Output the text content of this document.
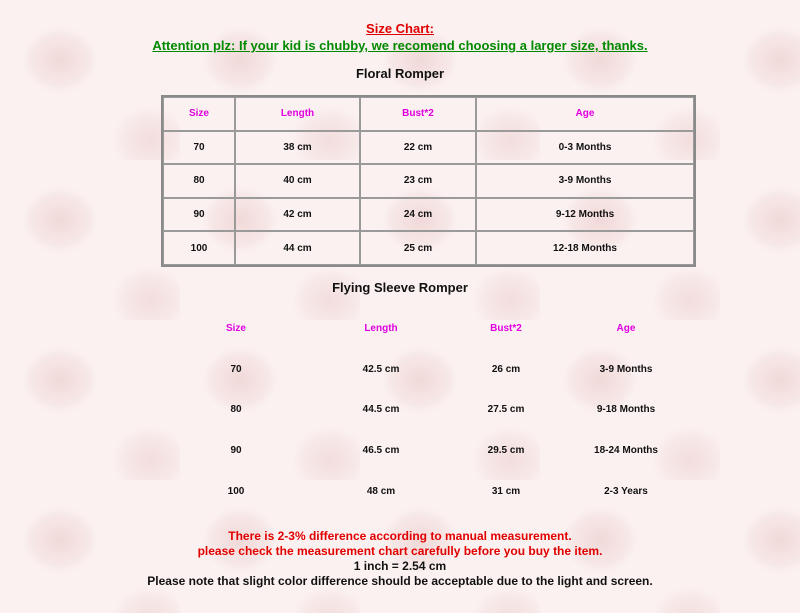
Size Chart:
Attention plz: If your kid is chubby, we recomend choosing a larger size, thanks.
Floral Romper
Size	Length	Bust*2	Age
70	38 cm	22 cm	0-3 Months
80	40 cm	23 cm	3-9 Months
90	42 cm	24 cm	9-12 Months
100	44 cm	25 cm	12-18 Months
Flying Sleeve Romper
Size	Length	Bust*2	Age
70	42.5 cm	26 cm	3-9 Months
80	44.5 cm	27.5 cm	9-18 Months
90	46.5 cm	29.5 cm	18-24 Months
100	48 cm	31 cm	2-3 Years
There is 2-3% difference according to manual measurement.
please check the measurement chart carefully before you buy the item.
1 inch = 2.54 cm
Please note that slight color difference should be acceptable due to the light and screen.
